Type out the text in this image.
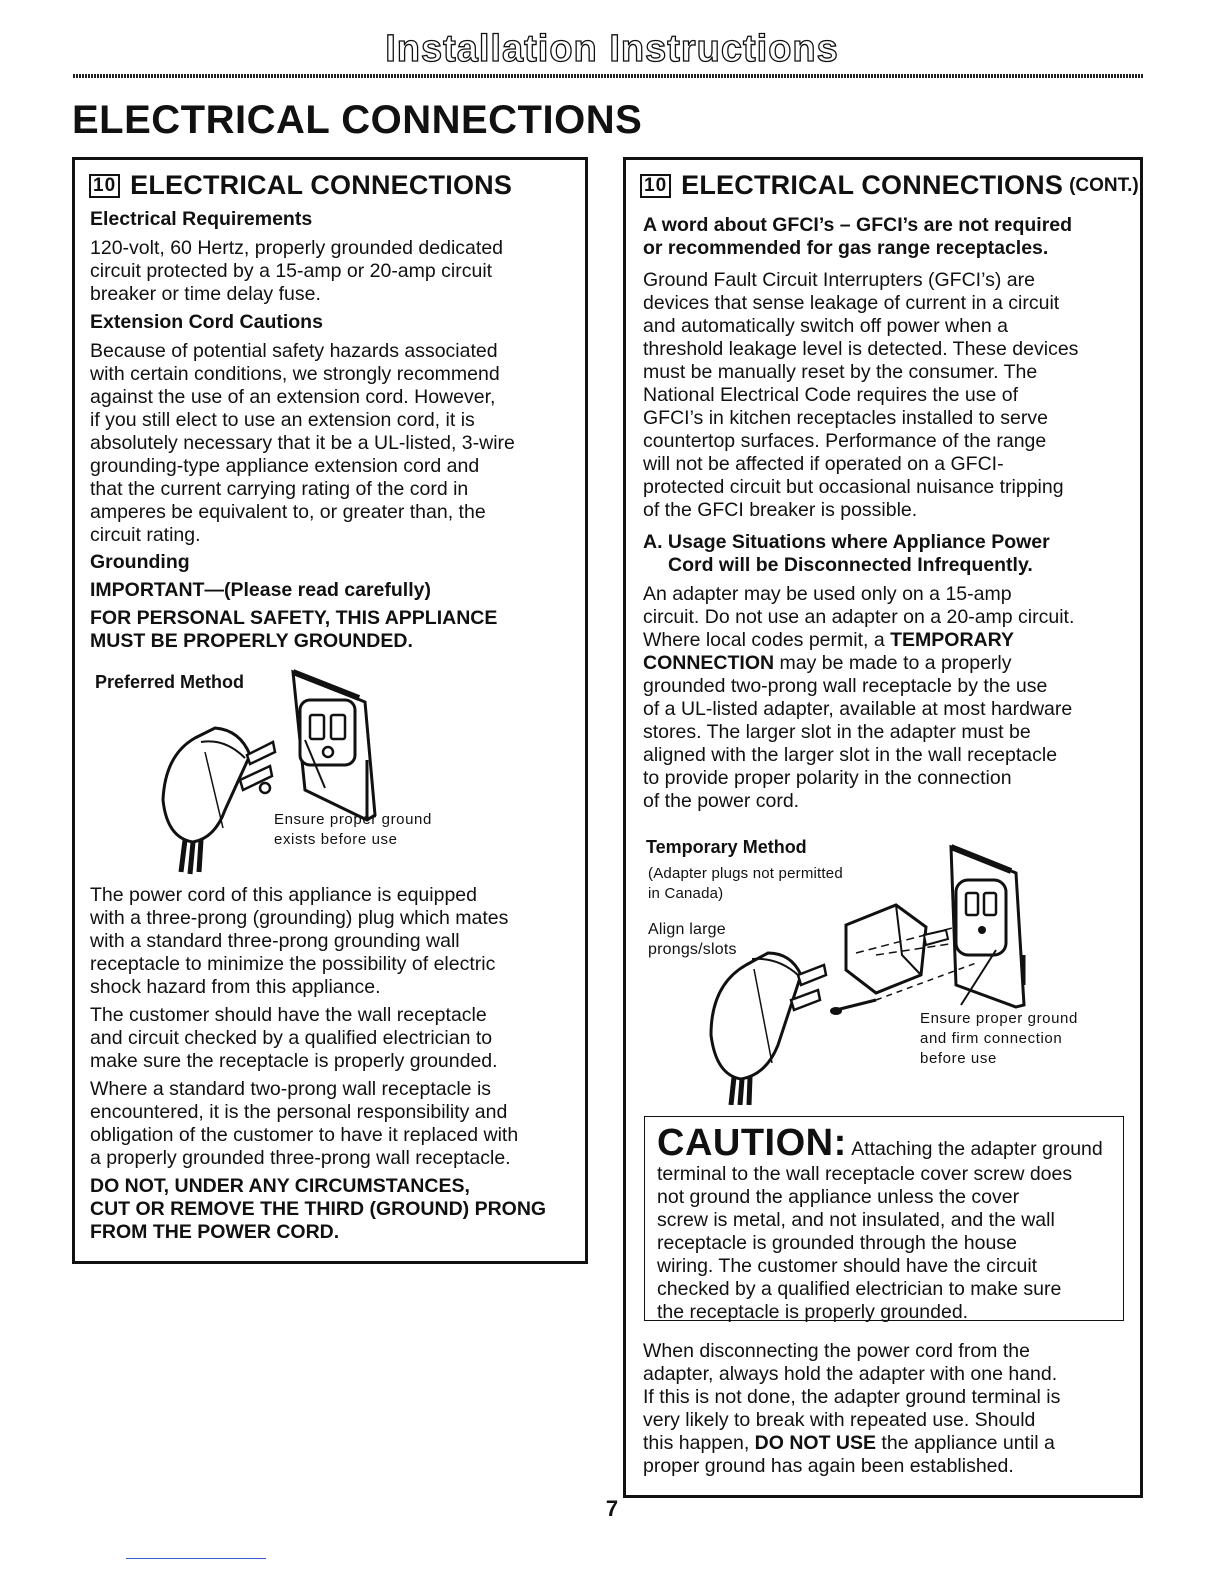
Installation Instructions
ELECTRICAL CONNECTIONS
10 ELECTRICAL CONNECTIONS

Electrical Requirements

120-volt, 60 Hertz, properly grounded dedicated

circuit protected by a 15-amp or 20-amp circuit

breaker or time delay fuse.

Extension Cord Cautions

Because of potential safety hazards associated

with certain conditions, we strongly recommend

against the use of an extension cord. However,

if you still elect to use an extension cord, it is

absolutely necessary that it be a UL-listed, 3-wire

grounding-type appliance extension cord and

that the current carrying rating of the cord in

amperes be equivalent to, or greater than, the

circuit rating.

Grounding

IMPORTANT—(Please read carefully)

FOR PERSONAL SAFETY, THIS APPLIANCE

MUST BE PROPERLY GROUNDED.

Preferred Method
Ensure proper ground
exists before use

The power cord of this appliance is equipped

with a three-prong (grounding) plug which mates

with a standard three-prong grounding wall

receptacle to minimize the possibility of electric

shock hazard from this appliance.

The customer should have the wall receptacle

and circuit checked by a qualified electrician to

make sure the receptacle is properly grounded.

Where a standard two-prong wall receptacle is

encountered, it is the personal responsibility and

obligation of the customer to have it replaced with

a properly grounded three-prong wall receptacle.

DO NOT, UNDER ANY CIRCUMSTANCES,

CUT OR REMOVE THE THIRD (GROUND) PRONG

FROM THE POWER CORD.

10 ELECTRICAL CONNECTIONS (CONT.)

A word about GFCI’s – GFCI’s are not required

or recommended for gas range receptacles.

Ground Fault Circuit Interrupters (GFCI’s) are

devices that sense leakage of current in a circuit

and automatically switch off power when a

threshold leakage level is detected. These devices

must be manually reset by the consumer. The

National Electrical Code requires the use of

GFCI’s in kitchen receptacles installed to serve

countertop surfaces. Performance of the range

will not be affected if operated on a GFCI-

protected circuit but occasional nuisance tripping

of the GFCI breaker is possible.

A. Usage Situations where Appliance Power

Cord will be Disconnected Infrequently.

An adapter may be used only on a 15-amp

circuit. Do not use an adapter on a 20-amp circuit.

Where local codes permit, a TEMPORARY

CONNECTION may be made to a properly

grounded two-prong wall receptacle by the use

of a UL-listed adapter, available at most hardware

stores. The larger slot in the adapter must be

aligned with the larger slot in the wall receptacle

to provide proper polarity in the connection

of the power cord.

Temporary Method
(Adapter plugs not permitted
in Canada)
Align large
prongs/slots
Ensure proper ground
and firm connection
before use
CAUTION: Attaching the adapter ground
terminal to the wall receptacle cover screw does
not ground the appliance unless the cover
screw is metal, and not insulated, and the wall
receptacle is grounded through the house
wiring. The customer should have the circuit
checked by a qualified electrician to make sure
the receptacle is properly grounded.

When disconnecting the power cord from the

adapter, always hold the adapter with one hand.

If this is not done, the adapter ground terminal is

very likely to break with repeated use. Should

this happen, DO NOT USE the appliance until a

proper ground has again been established.

7
